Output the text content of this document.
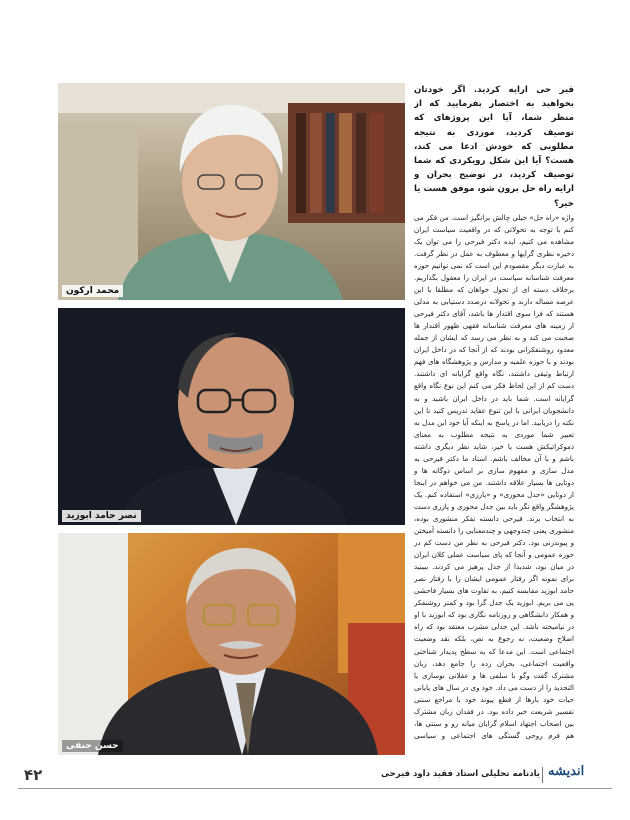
محمد ارکون
نصر حامد ابوزید
حسن حنفی

قیر حی ارایه کردید. اگر خودتان بخواهید به اختصار بفرمایید که از منظر شما، آیا این پروژهای که توصیف کردید، موردی به نتیجه مطلوبی که خودش ادعا می کند، هست؟ آیا این شکل رویکردی که شما توصیف کردید، در توضیح بحران و ارایه راه حل برون شو، موفق هست یا خیر؟

واژه «راه حل» خیلی چالش برانگیز است. من فکر می کنم با توجه به تحولاتی که در واقعیت سیاست ایران مشاهده می کنیم، ایده دکتر فیرحی را می توان یک دخیره نظری گرایها و معطوف به عمل در نظر گرفت. به عبارت دیگر مقصودم این است که نمی توانیم حوزه معرفت شناسانه سیاست در ایران را معقول بگذاریم. برخلاف دسته ای از تحول خواهان که مطلقا با این عرصه مساله دارند و تحولانه درصدد دستیابی به مدلی هستند که فرا سوی اقتدار ها باشد، آقای دکتر فیرحی از زمینه های معرفت شناسانه فقهی ظهور اقتدار ها صحبت می کند و به نظر می رسد که ایشان از جمله معدود روشنفکرانی بودند که از آنجا که در داخل ایران بودند و با حوزه علمیه و مدارس و پژوهشگاه های فهم ارتباط وثیقی داشتند، نگاه واقع گرایانه ای داشتند. دست کم از این لحاظ فکر می کنم این نوع نگاه واقع گرایانه است. شما باید در داخل ایران باشید و به دانشجویان ایرانی با این تنوع عقاید تدریس کنید تا این نکته را دریابید. اما در پاسخ به اینکه آیا خود این مدل به تعبیر شما موردی به نتیجه مطلوب به معنای دموکراتیکش هست یا خیر، شاید نظر دیگری داشته باشم و با آن مخالف باشم. استاد ما دکتر فیرحی به مدل سازی و مفهوم سازی بر اساس دوگانه ها و دوتایی ها بسیار علاقه داشتند. من می خواهم در اینجا از دوتایی «جدل محوری» و «پارزی» استفاده کنم. یک پژوهشگر واقع نگر باید بین جدل محوری و پارزی دست به انتخاب بزند. فیرحی دانسته تفکر منشوری بوده، منشوری یعنی چندوجهی و چندمعنایی را دانسته آمیختن و پیوندزنی بود. دکتر فیرحی به نظر من دست کم در حوزه عمومی و آنجا که پای سیاست عملی کلان ایران در میان بود، شدیدا از جدل پرهیز می کردند. ببینید برای نمونه اگر رفتار عمومی ایشان را با رفتار نصر حامد ابوزید مقایسه کنیم، به تفاوت های بسیار فاحشی پی می بریم. ابوزید یک جدل گرا بود و کمتر روشنفکر و همکار دانشگاهی و روزنامه نگاری بود که ابوزید با او در نیامیخته باشد. این جدلی مشرب معتقد بود که راه اصلاح وضعیت، نه رجوع به نص، بلکه نقد وضعیت اجتماعی است. این مدعا که به سطح پدیدار شناختی واقعیت اجتماعی، بحران زده را جامع دهد، زبان مشترک گفت وگو با سلفی ها و عقلانی نوسازی یا التجدید را از دست می داد. خود وی در سال های پایانی حیات خود بارها از قطع پیوند خود با مراجع سنتی تفسیر شریعت خبر داده بود. در فقدان زبان مشترک بین اصحاب اجتهاد اسلام گرایان میانه رو و سنتی ها، هم فرم روحی گستگی های اجتماعی و سیاسی

۴۲	یادنامه تحلیلی استاد فقید داود فیرحی اندیشه
